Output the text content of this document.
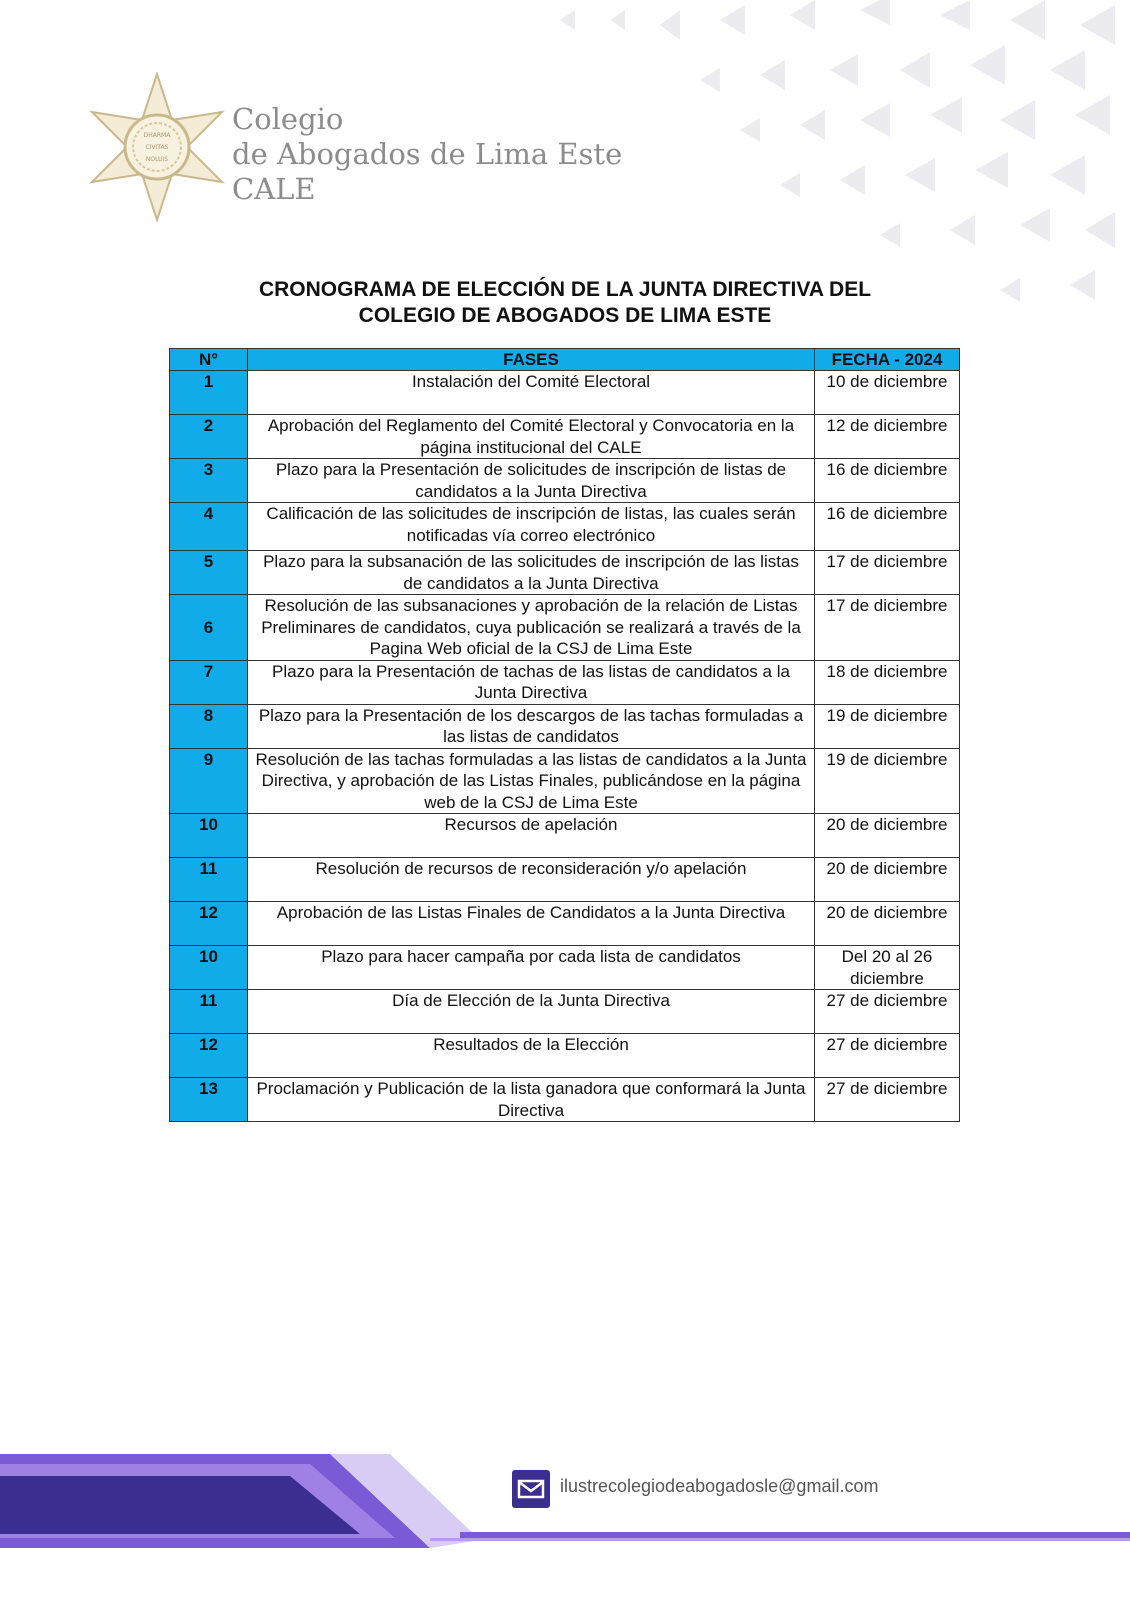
DHARMA
CIVITAS
NOLUIS
Colegio
de Abogados de Lima Este
CALE
CRONOGRAMA DE ELECCIÓN DE LA JUNTA DIRECTIVA DEL
COLEGIO DE ABOGADOS DE LIMA ESTE
N°	FASES	FECHA - 2024
1	Instalación del Comité Electoral	10 de diciembre
2	Aprobación del Reglamento del Comité Electoral y Convocatoria en la página institucional del CALE	12 de diciembre
3	Plazo para la Presentación de solicitudes de inscripción de listas de candidatos a la Junta Directiva	16 de diciembre
4	Calificación de las solicitudes de inscripción de listas, las cuales serán notificadas vía correo electrónico	16 de diciembre
5	Plazo para la subsanación de las solicitudes de inscripción de las listas de candidatos a la Junta Directiva	17 de diciembre
6	Resolución de las subsanaciones y aprobación de la relación de Listas Preliminares de candidatos, cuya publicación se realizará a través de la Pagina Web oficial de la CSJ de Lima Este	17 de diciembre
7	Plazo para la Presentación de tachas de las listas de candidatos a la Junta Directiva	18 de diciembre
8	Plazo para la Presentación de los descargos de las tachas formuladas a las listas de candidatos	19 de diciembre
9	Resolución de las tachas formuladas a las listas de candidatos a la Junta Directiva, y aprobación de las Listas Finales, publicándose en la página web de la CSJ de Lima Este	19 de diciembre
10	Recursos de apelación	20 de diciembre
11	Resolución de recursos de reconsideración y/o apelación	20 de diciembre
12	Aprobación de las Listas Finales de Candidatos a la Junta Directiva	20 de diciembre
10	Plazo para hacer campaña por cada lista de candidatos	Del 20 al 26 diciembre
11	Día de Elección de la Junta Directiva	27 de diciembre
12	Resultados de la Elección	27 de diciembre
13	Proclamación y Publicación de la lista ganadora que conformará la Junta Directiva	27 de diciembre
ilustrecolegiodeabogadosle@gmail.com
